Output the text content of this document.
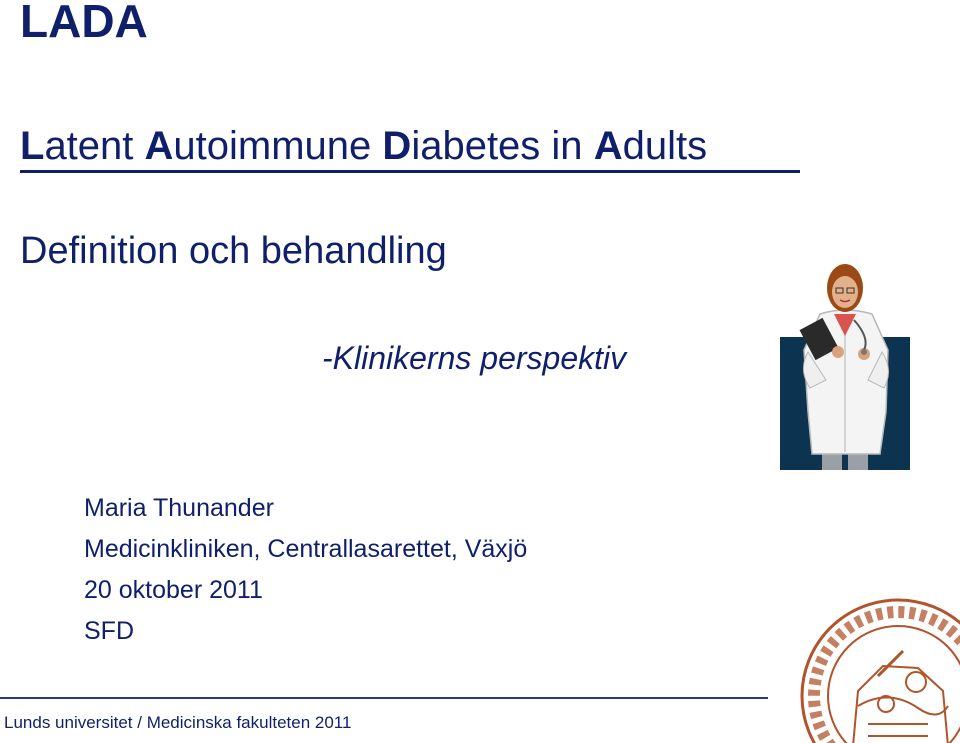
LADA
Latent Autoimmune Diabetes in Adults
Definition och behandling
-Klinikerns perspektiv
Maria Thunander
Medicinkliniken, Centrallasarettet, Växjö
20 oktober 2011
SFD
Lunds universitet / Medicinska fakulteten 2011
